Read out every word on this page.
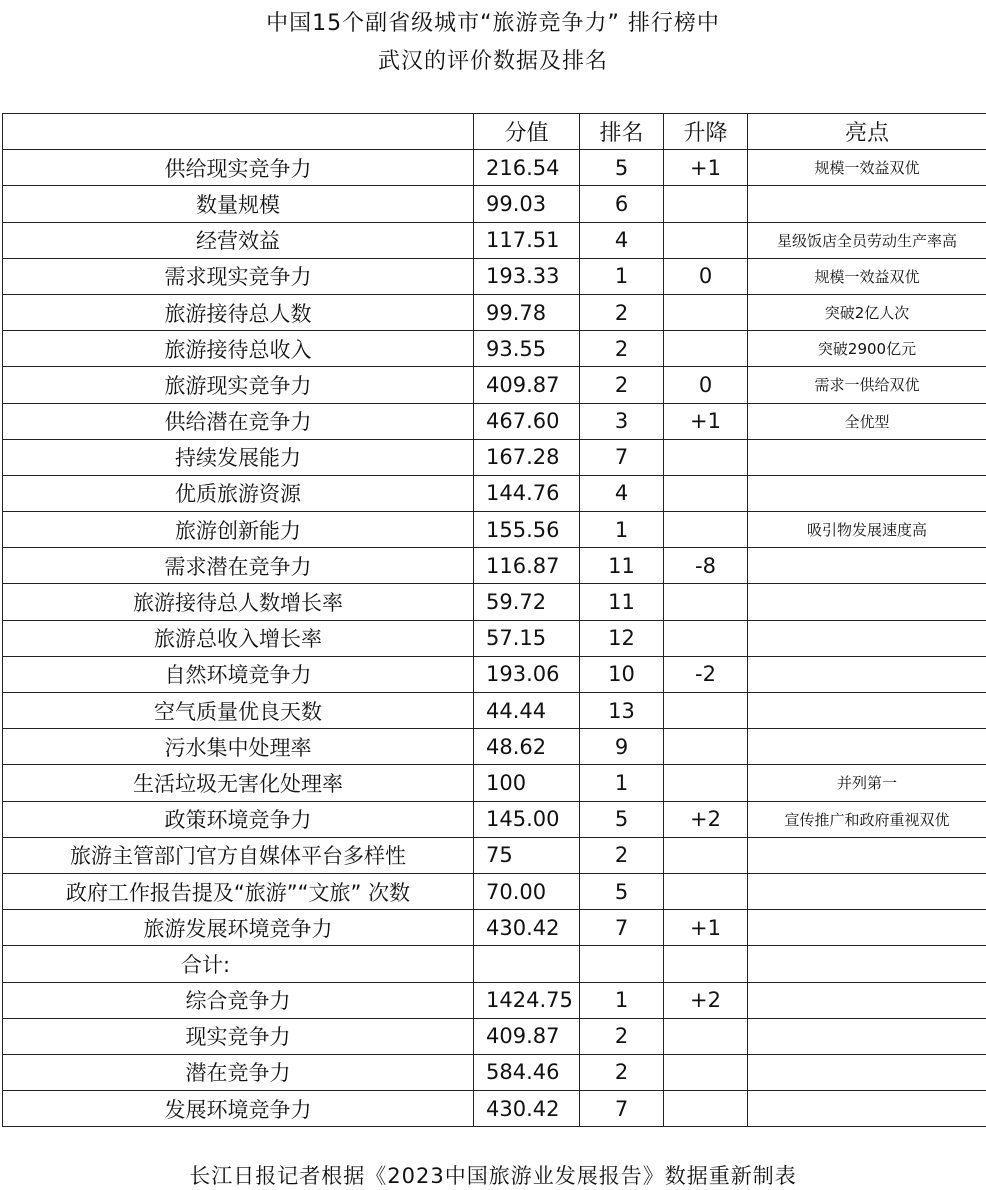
中国15个副省级城市“旅游竞争力” 排行榜中
武汉的评价数据及排名
	分值	排名	升降	亮点
供给现实竞争力	216.54	5	+1	规模一效益双优
数量规模	99.03	6		
经营效益	117.51	4		星级饭店全员劳动生产率高
需求现实竞争力	193.33	1	0	规模一效益双优
旅游接待总人数	99.78	2		突破2亿人次
旅游接待总收入	93.55	2		突破2900亿元
旅游现实竞争力	409.87	2	0	需求一供给双优
供给潜在竞争力	467.60	3	+1	全优型
持续发展能力	167.28	7		
优质旅游资源	144.76	4		
旅游创新能力	155.56	1		吸引物发展速度高
需求潜在竞争力	116.87	11	-8	
旅游接待总人数增长率	59.72	11		
旅游总收入增长率	57.15	12		
自然环境竞争力	193.06	10	-2	
空气质量优良天数	44.44	13		
污水集中处理率	48.62	9		
生活垃圾无害化处理率	100	1		并列第一
政策环境竞争力	145.00	5	+2	宣传推广和政府重视双优
旅游主管部门官方自媒体平台多样性	75	2		
政府工作报告提及“旅游”“文旅” 次数	70.00	5		
旅游发展环境竞争力	430.42	7	+1	
合计:				
综合竞争力	1424.75	1	+2	
现实竞争力	409.87	2		
潜在竞争力	584.46	2		
发展环境竞争力	430.42	7		
长江日报记者根据《2023中国旅游业发展报告》数据重新制表
